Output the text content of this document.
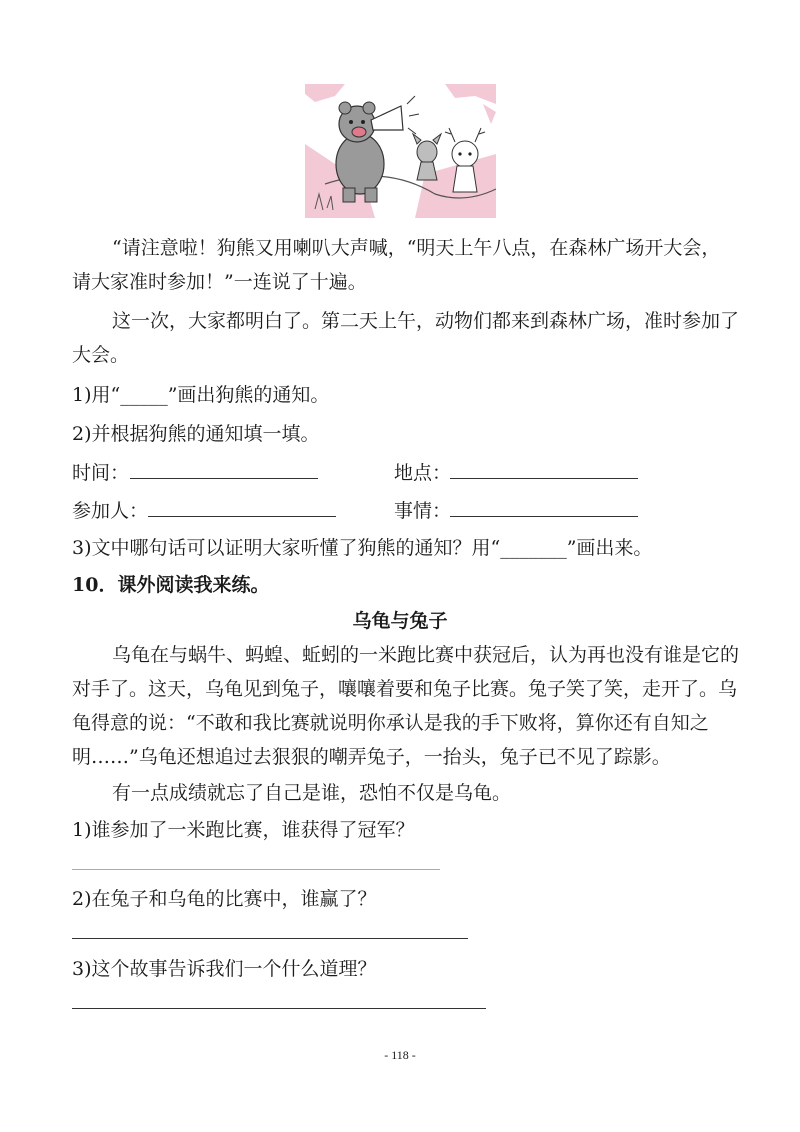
“请注意啦！狗熊又用喇叭大声喊，“明天上午八点，在森林广场开大会，
请大家准时参加！”一连说了十遍。
这一次，大家都明白了。第二天上午，动物们都来到森林广场，准时参加了
大会。
1)用“_____”画出狗熊的通知。
2)并根据狗熊的通知填一填。
时间：	地点：
参加人：	事情：
3)文中哪句话可以证明大家听懂了狗熊的通知？用“_______”画出来。
10．课外阅读我来练。
乌龟与兔子
乌龟在与蜗牛、蚂蝗、蚯蚓的一米跑比赛中获冠后，认为再也没有谁是它的
对手了。这天，乌龟见到兔子，嚷嚷着要和兔子比赛。兔子笑了笑，走开了。乌
龟得意的说：“不敢和我比赛就说明你承认是我的手下败将，算你还有自知之
明……”乌龟还想追过去狠狠的嘲弄兔子，一抬头，兔子已不见了踪影。
有一点成绩就忘了自己是谁，恐怕不仅是乌龟。
1)谁参加了一米跑比赛，谁获得了冠军？
2)在兔子和乌龟的比赛中，谁赢了？
3)这个故事告诉我们一个什么道理？
- 118 -
